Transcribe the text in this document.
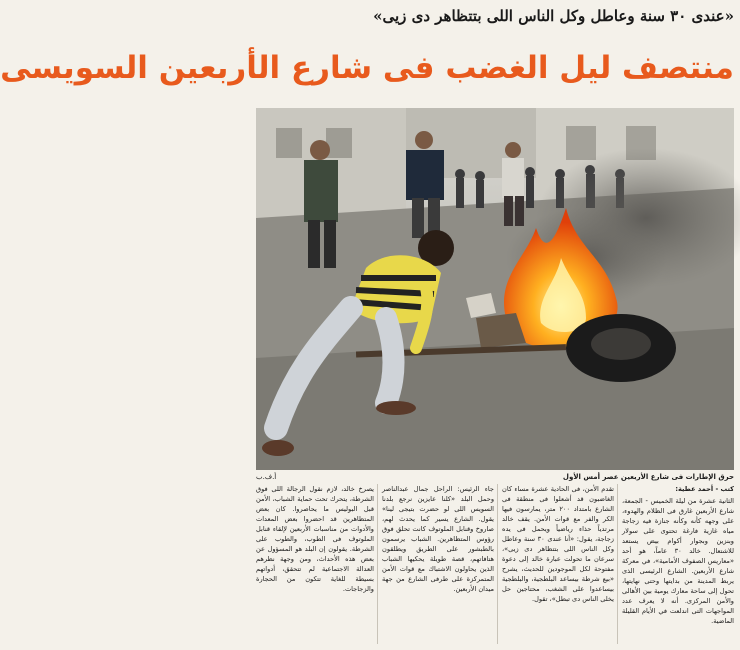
«عندى ٣٠ سنة وعاطل وكل الناس اللى بتتظاهر دى زيى»
منتصف ليل الغضب فى شارع الأربعين السويسى
حرق الإطارات فى شارع الأربعين عصر أمس الأول
أ.ف.ب
كتب - أحمد عطية:
الثانية عشرة من ليلة الخميس - الجمعة، شارع الأربعين غارق فى الظلام والهدوء، على وجهه كأنه وكأنه جنازة فيه زجاجة مياه غازية فارغة تحتوى على سولار وبنزين وبجوار أكوام بيض يستعد للاشتعال. خالد ٣٠ عاماً، هو أحد «معاريس الصفوف الأمامية»، في معركة شارع الأربعين. الشارع الرئيسى الذى يربط المدينة من بدايتها وحتى نهايتها، تحول إلى ساحة معارك يومية بين الأهالى والأمن المركزى. أنه لا يعرف عدد المواجهات التى اندلعت في الأيام القليلة الماضية.
تقدم الأمن، فى الحادية عشرة مساء كان الغاضبون قد أشعلوا فى منطقة فى الشارع بامتداد ٢٠٠ متر، يمارسون فيها الكر والفر مع قوات الأمن. يقف خالد مرتدياً حذاء رياضياً ويحمل فى يده زجاجة، يقول: «أنا عندى ٣٠ سنة وعاطل وكل الناس اللى بتتظاهر دى زيى»، سرعان ما تحولت عبارة خالد إلى دعوة مفتوحة لكل الموجودين للحديث، يشرح «بيع شرطة بيساعد البلطجية، والبلطجية بيساعدوا على الشغب، محتاجين حل يخلى الناس دى تبطل»، تقول.
جاء الرئيس: الراحل جمال عبدالناصر وحمل البلد «كلنا عايزين نرجع بلدنا السويس اللى لو حضرت بتيجى لينا» يقول. الشارع يسير كما يحدث لهم، صاروخ وقنابل الملوتوف كانت تحلق فوق رؤوس المتظاهرين. الشباب يرسمون بالطبشور على الطريق ويطلقون هتافاتهم، قصة طويلة يحكيها الشباب الذين يحاولون الاشتباك مع قوات الأمن المتمركزة على طرفى الشارع من جهة ميدان الأربعين.
يصرخ خالد، لازم نقول الرجالة اللى فوق الشرطة، يتحرك تحت حماية الشباب، الأمن قبل البوليس ما يحاصروا. كان بعض المتظاهرين قد احضروا بعض المعدات والأدوات من مناسبات الأربعين لإلقاء قنابل الملوتوف فى الطوب، والطوب على الشرطة. يقولون إن البلد هو المسؤول عن بعض هذه الأحداث، ومن وجهة نظرهم العدالة الاجتماعية لم تتحقق، أدواتهم بسيطة للغاية تتكون من الحجارة والزجاجات.
